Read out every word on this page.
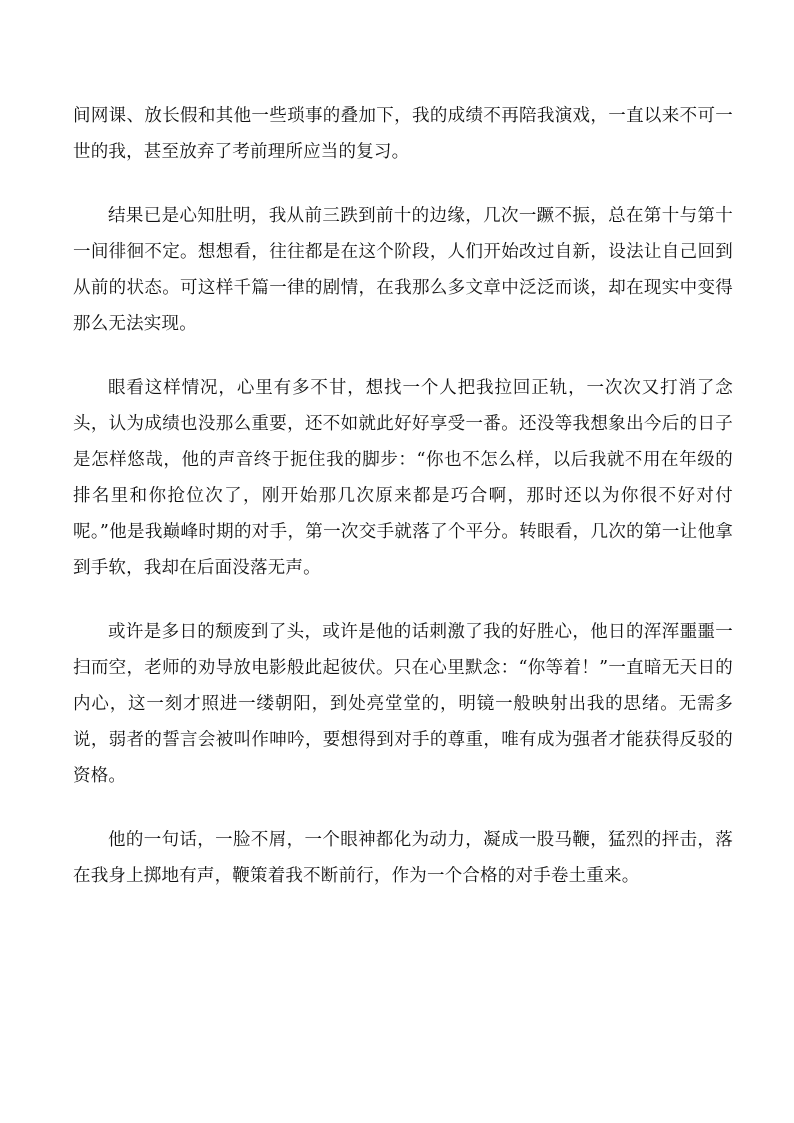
间网课、放长假和其他一些琐事的叠加下，我的成绩不再陪我演戏，一直以来不可一世的我，甚至放弃了考前理所应当的复习。

结果已是心知肚明，我从前三跌到前十的边缘，几次一蹶不振，总在第十与第十一间徘徊不定。想想看，往往都是在这个阶段，人们开始改过自新，设法让自己回到从前的状态。可这样千篇一律的剧情，在我那么多文章中泛泛而谈，却在现实中变得那么无法实现。

眼看这样情况，心里有多不甘，想找一个人把我拉回正轨，一次次又打消了念头，认为成绩也没那么重要，还不如就此好好享受一番。还没等我想象出今后的日子是怎样悠哉，他的声音终于扼住我的脚步：“你也不怎么样，以后我就不用在年级的排名里和你抢位次了，刚开始那几次原来都是巧合啊，那时还以为你很不好对付呢。”他是我巅峰时期的对手，第一次交手就落了个平分。转眼看，几次的第一让他拿到手软，我却在后面没落无声。

或许是多日的颓废到了头，或许是他的话刺激了我的好胜心，他日的浑浑噩噩一扫而空，老师的劝导放电影般此起彼伏。只在心里默念：“你等着！”一直暗无天日的内心，这一刻才照进一缕朝阳，到处亮堂堂的，明镜一般映射出我的思绪。无需多说，弱者的誓言会被叫作呻吟，要想得到对手的尊重，唯有成为强者才能获得反驳的资格。

他的一句话，一脸不屑，一个眼神都化为动力，凝成一股马鞭，猛烈的抨击，落在我身上掷地有声，鞭策着我不断前行，作为一个合格的对手卷土重来。
